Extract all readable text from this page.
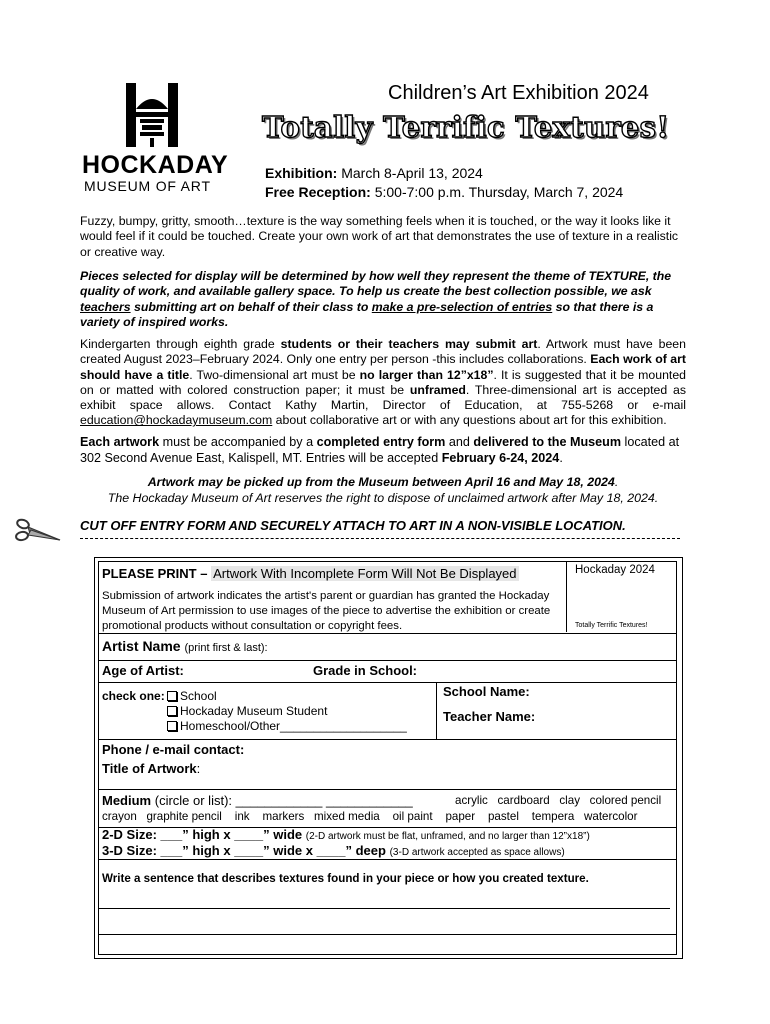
HOCKADAY
MUSEUM OF ART
Children’s Art Exhibition 2024
Totally Terrific Textures!
Exhibition: March 8-April 13, 2024
Free Reception: 5:00-7:00 p.m. Thursday, March 7, 2024

Fuzzy, bumpy, gritty, smooth…texture is the way something feels when it is touched, or the way it looks like it would feel if it could be touched. Create your own work of art that demonstrates the use of texture in a realistic or creative way.

Pieces selected for display will be determined by how well they represent the theme of TEXTURE, the quality of work, and available gallery space. To help us create the best collection possible, we ask teachers submitting art on behalf of their class to make a pre-selection of entries so that there is a variety of inspired works.

Kindergarten through eighth grade students or their teachers may submit art. Artwork must have been created August 2023–February 2024. Only one entry per person -this includes collaborations. Each work of art should have a title. Two-dimensional art must be no larger than 12”x18”. It is suggested that it be mounted on or matted with colored construction paper; it must be unframed. Three-dimensional art is accepted as exhibit space allows. Contact Kathy Martin, Director of Education, at 755-5268 or e-mail education@hockadaymuseum.com about collaborative art or with any questions about art for this exhibition.

Each artwork must be accompanied by a completed entry form and delivered to the Museum located at 302 Second Avenue East, Kalispell, MT. Entries will be accepted February 6-24, 2024.

Artwork may be picked up from the Museum between April 16 and May 18, 2024.
The Hockaday Museum of Art reserves the right to dispose of unclaimed artwork after May 18, 2024.
CUT OFF ENTRY FORM AND SECURELY ATTACH TO ART IN A NON-VISIBLE LOCATION.
Hockaday 2024
Totally Terrific Textures!
PLEASE PRINT – Artwork With Incomplete Form Will Not Be Displayed

Submission of artwork indicates the artist's parent or guardian has granted the Hockaday Museum of Art permission to use images of the piece to advertise the exhibition or create promotional products without consultation or copyright fees.

Artist Name (print first & last):
Age of Artist:	Grade in School:
check one:	School
Hockaday Museum Student
Homeschool/Other___________________
School Name:
Teacher Name:
Phone / e-mail contact:
Title of Artwork:
Medium (circle or list): ____________ ____________	acrylic   cardboard   clay   colored pencil
crayon   graphite pencil    ink    markers   mixed media    oil paint    paper    pastel    tempera   watercolor
2-D Size: ___” high x ____” wide (2-D artwork must be flat, unframed, and no larger than 12”x18”)
3-D Size: ___” high x ____” wide x ____” deep (3-D artwork accepted as space allows)
Write a sentence that describes textures found in your piece or how you created texture.
